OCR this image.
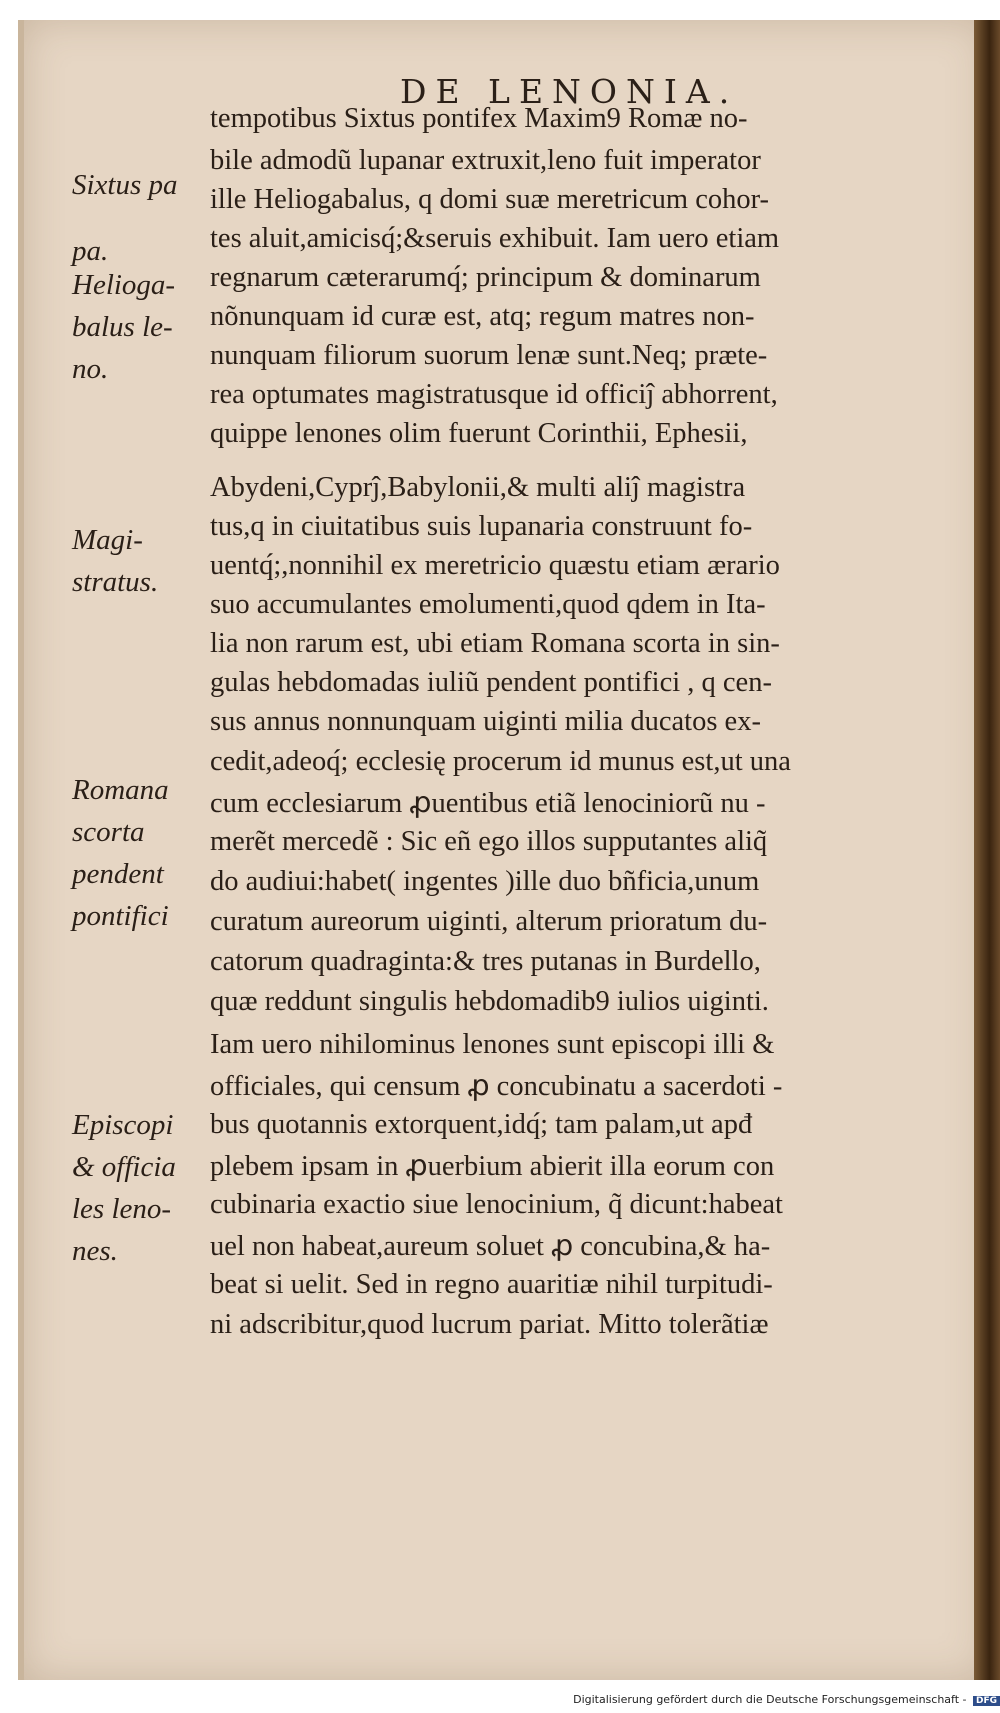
DE LENONIA.
tempotibus Sixtus pontifex Maxim9 Romæ no-
bile admodũ lupanar extruxit,leno fuit imperator
ille Heliogabalus, q domi suæ meretricum cohor-
tes aluit,amicisq́;&seruis exhibuit. Iam uero etiam
regnarum cæterarumq́; principum & dominarum
nõnunquam id curæ est, atq; regum matres non-
nunquam filiorum suorum lenæ sunt.Neq; præte-
rea optumates magistratusque id officiĵ abhorrent,
quippe lenones olim fuerunt Corinthii, Ephesii,
Abydeni,Cyprĵ,Babylonii,& multi aliĵ magistra
tus,q in ciuitatibus suis lupanaria construunt fo-
uentq́;,nonnihil ex meretricio quæstu etiam ærario
suo accumulantes emolumenti,quod qdem in Ita-
lia non rarum est, ubi etiam Romana scorta in sin-
gulas hebdomadas iuliũ pendent pontifici , q cen-
sus annus nonnunquam uiginti milia ducatos ex-
cedit,adeoq́; ecclesię procerum id munus est,ut una
cum ecclesiarum ꝓuentibus etiã lenociniorũ nu -
merẽt mercedẽ : Sic eñ ego illos supputantes aliq̃
do audiui:habet( ingentes )ille duo bñficia,unum
curatum aureorum uiginti, alterum prioratum du-
catorum quadraginta:& tres putanas in Burdello,
quæ reddunt singulis hebdomadib9 iulios uiginti.
Iam uero nihilominus lenones sunt episcopi illi &
officiales, qui censum ꝓ concubinatu a sacerdoti -
bus quotannis extorquent,idq́; tam palam,ut apđ
plebem ipsam in ꝓuerbium abierit illa eorum con
cubinaria exactio siue lenocinium, q̃ dicunt:habeat
uel non habeat,aureum soluet ꝓ concubina,& ha-
beat si uelit. Sed in regno auaritiæ nihil turpitudi-
ni adscribitur,quod lucrum pariat. Mitto tolerãtiæ
Sixtus pa
pa.
Helioga-
balus le-
no.
Magi-
stratus.
Romana
scorta
pendent
pontifici
Episcopi
& officia
les leno-
nes.
Digitalisierung gefördert durch die Deutsche Forschungsgemeinschaft - DFG
